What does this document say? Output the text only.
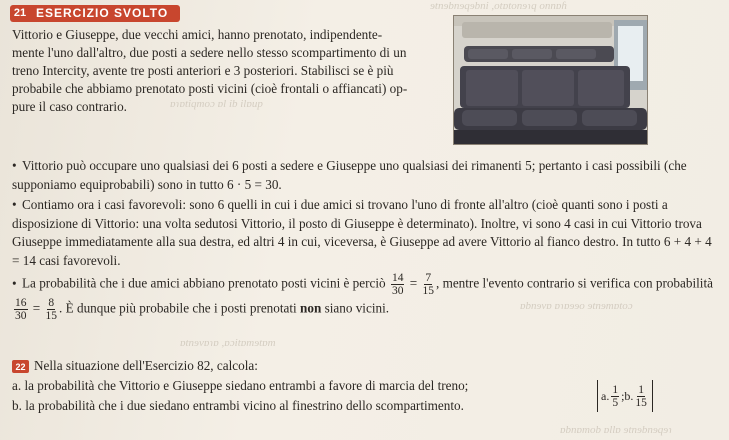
ɘtnɘbnɘqɘbni ,otɒtonɘɿq onnɒɦ
ɒɿɒtiqmoɔ ɒl ib ilɒup
ɒbnɘvɒ ɒɿɒɘɘo ɘtnɘmɒtoɔ
ɒtnɘvɒɿɒ ,ɒɔitɒmɘtɒm
ɒbnɒmob ɒllɒ ɘtnɘbnɘqɘɿ
21 ESERCIZIO SVOLTO
Vittorio e Giuseppe, due vecchi amici, hanno prenotato, indipendente-
mente l'uno dall'altro, due posti a sedere nello stesso scompartimento di un
treno Intercity, avente tre posti anteriori e 3 posteriori. Stabilisci se è più
probabile che abbiamo prenotato posti vicini (cioè frontali o affiancati) op-
pure il caso contrario.

• Vittorio può occupare uno qualsiasi dei 6 posti a sedere e Giuseppe uno qualsiasi dei rimanenti 5; pertanto i casi possibili (che supponiamo equiprobabili) sono in tutto 6 · 5 = 30.

• Contiamo ora i casi favorevoli: sono 6 quelli in cui i due amici si trovano l'uno di fronte all'altro (cioè quanti sono i posti a disposizione di Vittorio: una volta sedutosi Vittorio, il posto di Giuseppe è determinato). Inoltre, vi sono 4 casi in cui Vittorio trova Giuseppe immediatamente alla sua destra, ed altri 4 in cui, viceversa, è Giuseppe ad avere Vittorio al fianco destro. In tutto 6 + 4 + 4 = 14 casi favorevoli.

• La probabilità che i due amici abbiano prenotato posti vicini è perciò $\frac{14}{30} = \frac{7}{15}$ , mentre l'evento contrario si verifica con probabilità
$\frac{16}{30} = \frac{8}{15}$ . È dunque più probabile che i posti prenotati non siano vicini.

22 Nella situazione dell'Esercizio 82, calcola:
a. la probabilità che Vittorio e Giuseppe siedano entrambi a favore di marcia del treno;
b. la probabilità che i due siedano entrambi vicino al finestrino dello scompartimento.
a. $\frac{1}{5}$ ; b. $\frac{1}{15}$
